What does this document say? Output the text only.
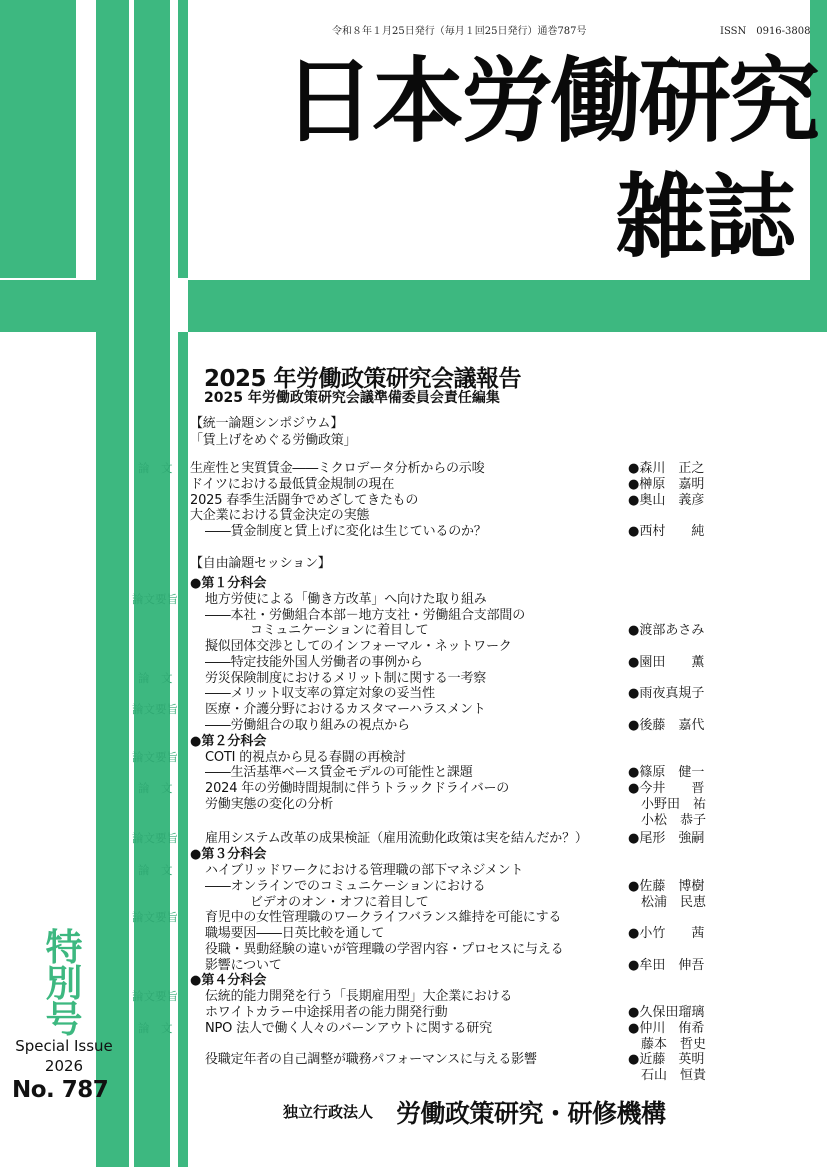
令和８年１月25日発行（毎月１回25日発行）通巻787号	ISSN　0916-3808
日本労働研究
雑誌
2025 年労働政策研究会議報告
2025 年労働政策研究会議準備委員会責任編集
【統一論題シンポジウム】
「賃上げをめぐる労働政策」
【自由論題セッション】
論　文 生産性と実質賃金――ミクロデータ分析からの示唆	●森川　正之
ドイツにおける最低賃金規制の現在	●榊原　嘉明
2025 春季生活闘争でめざしてきたもの	●奥山　義彦
大企業における賃金決定の実態
――賃金制度と賃上げに変化は生じているのか？	●西村　　純
●第１分科会
論文要旨 地方労使による「働き方改革」へ向けた取り組み
――本社・労働組合本部－地方支社・労働組合支部間の
コミュニケーションに着目して	●渡部あさみ
擬似団体交渉としてのインフォーマル・ネットワーク
――特定技能外国人労働者の事例から	●園田　　薫
論　文	労災保険制度におけるメリット制に関する一考察
――メリット収支率の算定対象の妥当性	●雨夜真規子
論文要旨 医療・介護分野におけるカスタマーハラスメント
――労働組合の取り組みの視点から	●後藤　嘉代
●第２分科会
論文要旨 COTI 的視点から見る春闘の再検討
――生活基準ベース賃金モデルの可能性と課題	●篠原　健一
論　文	2024 年の労働時間規制に伴うトラックドライバーの	●今井　　晋
労働実態の変化の分析	　小野田　祐
　小松　恭子
論文要旨 雇用システム改革の成果検証（雇用流動化政策は実を結んだか？）	●尾形　強嗣
●第３分科会
論　文	ハイブリッドワークにおける管理職の部下マネジメント
――オンラインでのコミュニケーションにおける	●佐藤　博樹
ビデオのオン・オフに着目して	　松浦　民恵
論文要旨 育児中の女性管理職のワークライフバランス維持を可能にする
職場要因――日英比較を通して	●小竹　　茜
役職・異動経験の違いが管理職の学習内容・プロセスに与える
影響について	●牟田　伸吾
●第４分科会
論文要旨 伝統的能力開発を行う「長期雇用型」大企業における
ホワイトカラー中途採用者の能力開発行動	●久保田瑠璃
論　文	NPO 法人で働く人々のバーンアウトに関する研究	●仲川　侑希
　藤本　哲史
役職定年者の自己調整が職務パフォーマンスに与える影響	●近藤　英明
　石山　恒貴
特
別
号
Special Issue
2026
No. 787
独立行政法人 労働政策研究・研修機構
